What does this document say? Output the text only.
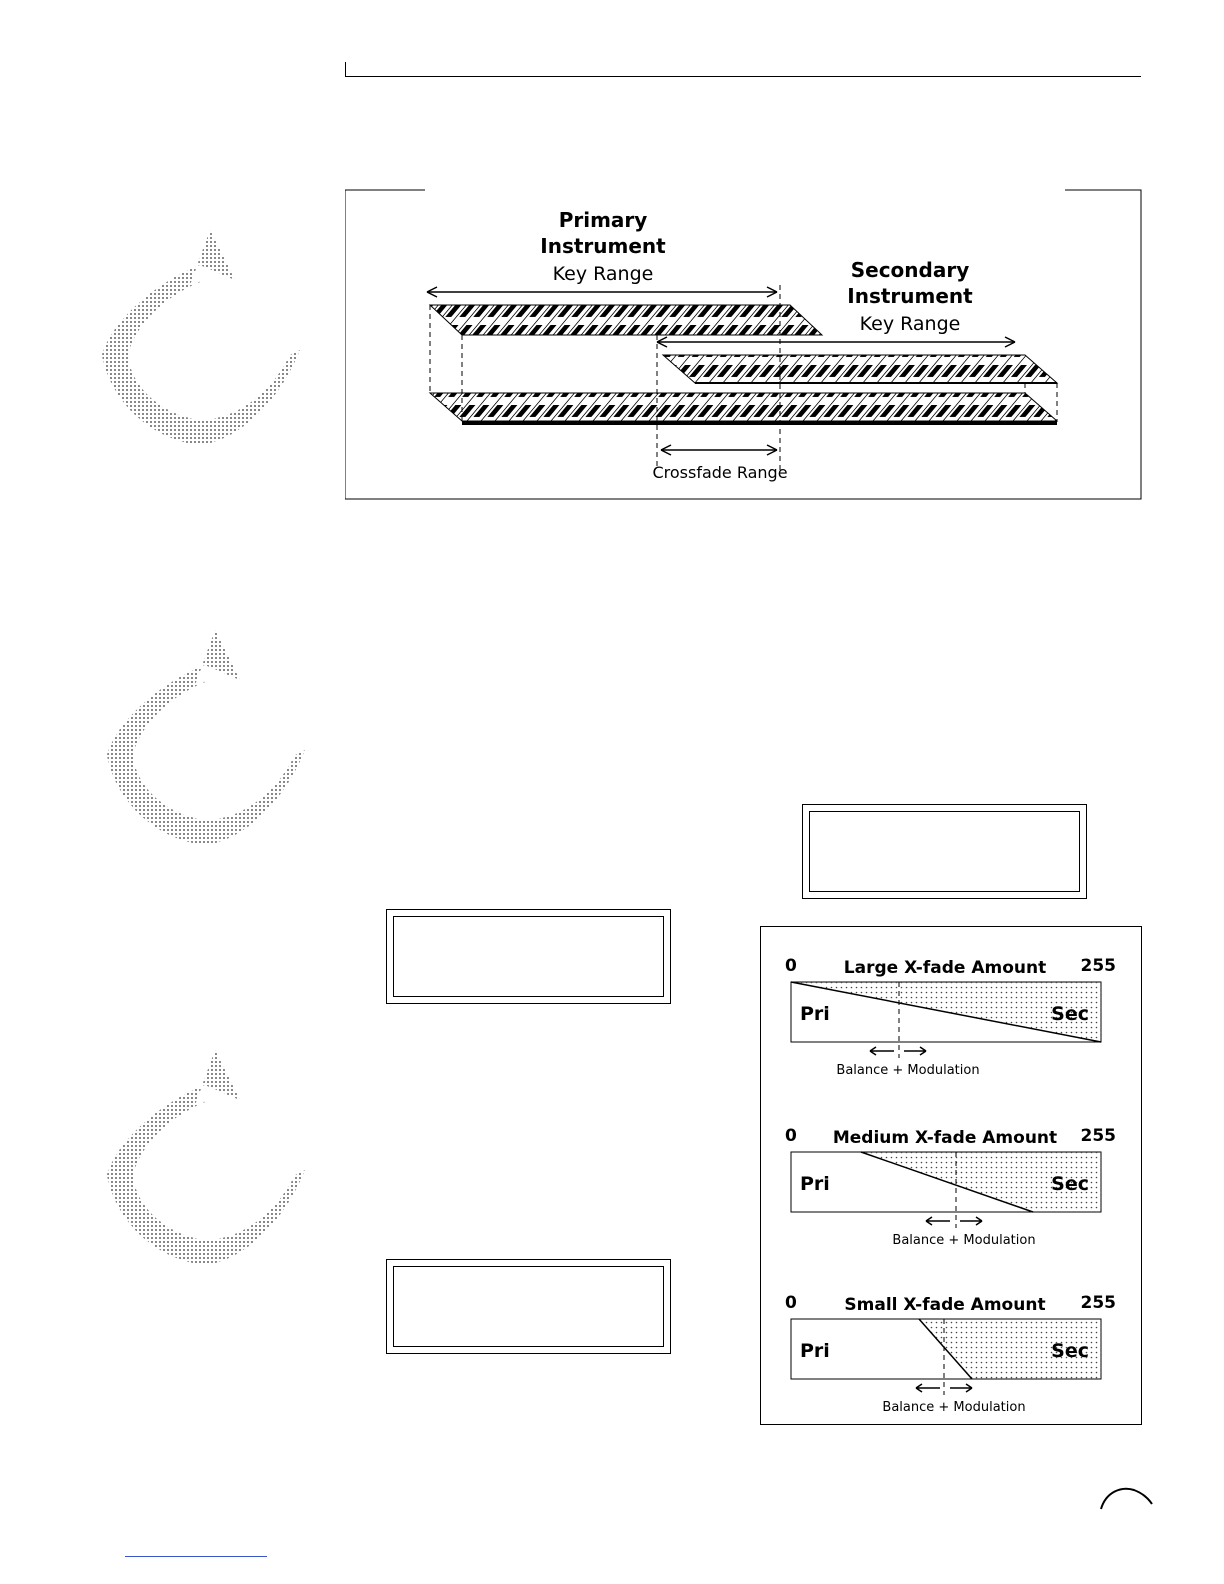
Primary
Instrument
Key Range	Secondary
Instrument
Key Range
Crossfade Range
0	Large X-fade Amount 255
Pri	Sec
Balance + Modulation
0 Medium X-fade Amount 255
Pri	Sec
Balance + Modulation
0	Small X-fade Amount 255
Pri	Sec
Balance + Modulation
